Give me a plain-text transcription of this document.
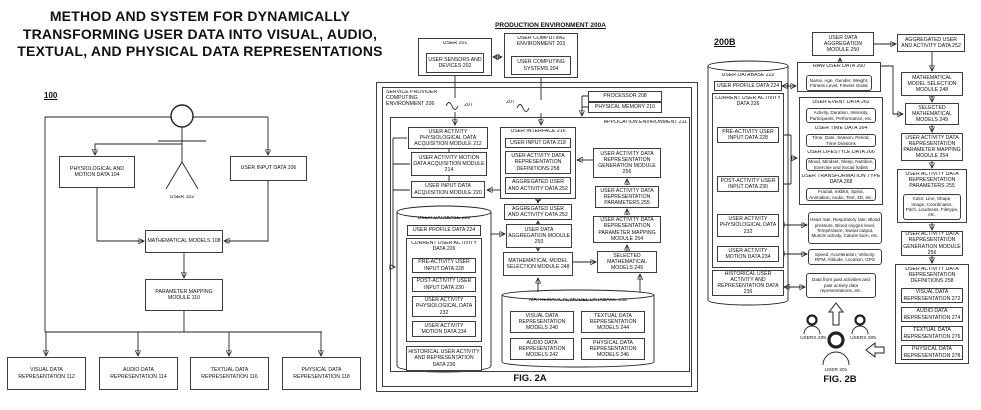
METHOD AND SYSTEM FOR DYNAMICALLY TRANSFORMING USER DATA INTO VISUAL, AUDIO, TEXTUAL, AND PHYSICAL DATA REPRESENTATIONS
100
USER 102
PHYSIOLOGICAL AND MOTION DATA 104
USER INPUT DATA 106
MATHEMATICAL MODELS 108
PARAMETER MAPPING MODULE 110
VISUAL DATA REPRESENTATION 112
AUDIO DATA REPRESENTATION 114
TEXTUAL DATA REPRESENTATION 116
PHYSICAL DATA REPRESENTATION 118
PRODUCTION ENVIRONMENT 200A
SERVICE PROVIDER COMPUTING ENVIRONMENT 206
USER 201
USER SENSORS AND DEVICES 202
USER COMPUTING ENVIRONMENT 203
USER COMPUTING SYSTEMS 204
PROCESSOR 208
PHYSICAL MEMORY 210
APPLICATION ENVIRONMENT 211
207	207
USER ACTIVITY PHYSIOLOGICAL DATA ACQUISITION MODULE 212
USER ACTIVITY MOTION DATA ACQUISITION MODULE 214
USER INPUT DATA ACQUISITION MODULE 220
USER DATABASE 222
USER PROFILE DATA 224
CURRENT USER ACTIVITY DATA 226
PRE-ACTIVITY USER INPUT DATA 228
POST-ACTIVITY USER INPUT DATA 230
USER ACTIVITY PHYSIOLOGICAL DATA 232
USER ACTIVITY MOTION DATA 234
HISTORICAL USER ACTIVITY AND REPRESENTATION DATA 236
USER INTERFACE 216
USER INPUT DATA 218
USER ACTIVITY DATA REPRESENTATION DEFINITIONS 258
AGGREGATED USER AND ACTIVITY DATA 252
AGGREGATED USER AND ACTIVITY DATA 252
USER DATA AGGREGATION MODULE 250
MATHEMATICAL MODEL SELECTION MODULE 248
USER ACTIVITY DATA REPRESENTATION GENERATION MODULE 256
USER ACTIVITY DATA REPRESENTATION PARAMETERS 255
USER ACTIVITY DATA REPRESENTATION PARAMETER MAPPING MODULE 254
SELECTED MATHEMATICAL MODELS 249
MATHEMATICAL MODEL DATABASE 238
VISUAL DATA REPRESENTATION MODELS 240
TEXTUAL DATA REPRESENTATION MODELS 244
AUDIO DATA REPRESENTATION MODELS 242
PHYSICAL DATA REPRESENTATION MODELS 246
FIG. 2A
200B	USER DATA AGGREGATION MODULE 250
AGGREGATED USER AND ACTIVITY DATA 252
USER DATABASE 222
USER PROFILE DATA 224
CURRENT USER ACTIVITY DATA 226
PRE-ACTIVITY USER INPUT DATA 228
POST-ACTIVITY USER INPUT DATA 230
USER ACTIVITY PHYSIOLOGICAL DATA 232
USER ACTIVITY MOTION DATA 234
HISTORICAL USER ACTIVITY AND REPRESENTATION DATA 236
RAW USER DATA 260
Name, Age, Gender, Weight, Fitness Level, Fitness Goals
USER EVENT DATA 262
Activity, Duration, Intensity, Participants, Performance, etc.
USER TIME DATA 264
Time, Date, Season, Period, Time Divisions
USER LIFESTYLE DATA 266
Mood, Mindset, Sleep, Nutrition, Exercise and Social habits
USER TRANSFORMATION TYPE DATA 268
Fractal, Inkblot, Spiral, Animation, Audio, Text, 3D, etc.
Heart rate, Respiratory rate, Blood pressure, Blood oxygen level, Temperature, Sweat output, Muscle activity, Calorie burn, etc.
Speed, Acceleration, Velocity, RPM, Altitude, Location, GPS
Data from past activities and past activity data representations, etc.
MATHEMATICAL MODEL SELECTION MODULE 248
SELECTED MATHEMATICAL MODELS 249
USER ACTIVITY DATA REPRESENTATION PARAMETER MAPPING MODULE 254
USER ACTIVITY DATA REPRESENTATION PARAMETERS 255
Color, Line, Shape, Image, Coordinates, Pitch, Loudness, Filetype, etc.
USER ACTIVITY DATA REPRESENTATION GENERATION MODULE 256
USER ACTIVITY DATA REPRESENTATION DEFINITIONS 258
VISUAL DATA REPRESENTATION 272
AUDIO DATA REPRESENTATION 274
TEXTUAL DATA REPRESENTATION 276
PHYSICAL DATA REPRESENTATION 278
USERS 205	USERS 205
USER 201
FIG. 2B
